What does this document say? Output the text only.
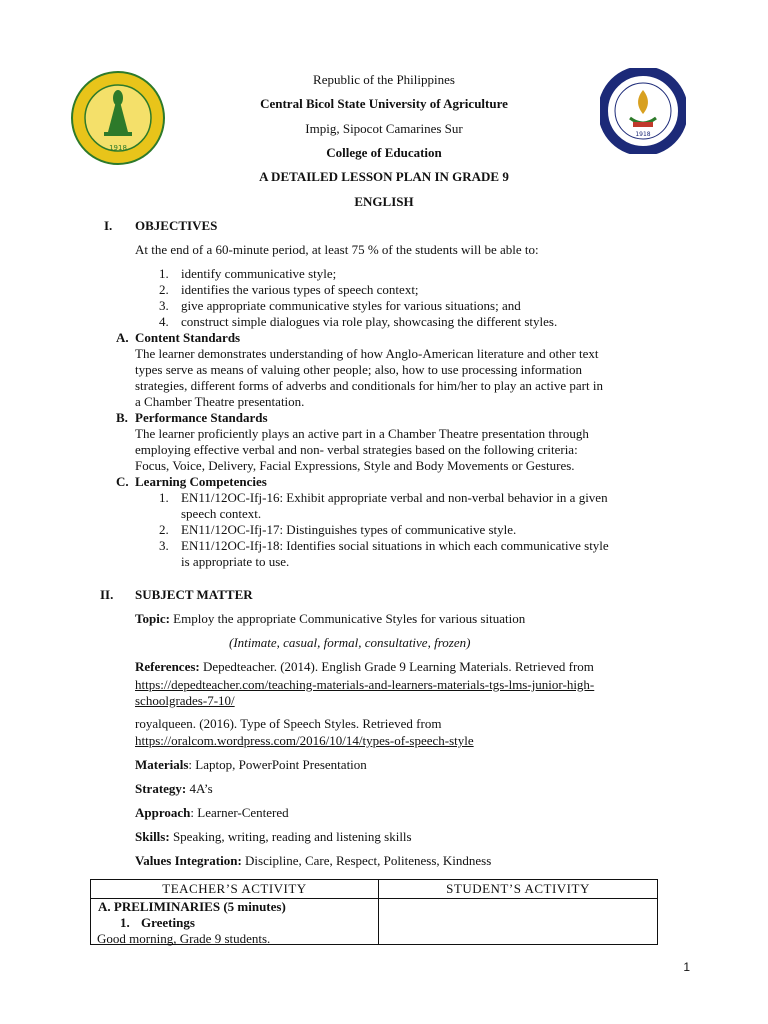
1918
1918
Republic of the Philippines
Central Bicol State University of Agriculture
Impig, Sipocot Camarines Sur
College of Education
A DETAILED LESSON PLAN IN GRADE 9
ENGLISH
I. OBJECTIVES
At the end of a 60-minute period, at least 75 % of the students will be able to:
1. identify communicative style;
2. identifies the various types of speech context;
3. give appropriate communicative styles for various situations; and
4. construct simple dialogues via role play, showcasing the different styles.
A. Content Standards
The learner demonstrates understanding of how Anglo-American literature and other text
types serve as means of valuing other people; also, how to use processing information
strategies, different forms of adverbs and conditionals for him/her to play an active part in
a Chamber Theatre presentation.
B. Performance Standards
The learner proficiently plays an active part in a Chamber Theatre presentation through
employing effective verbal and non- verbal strategies based on the following criteria:
Focus, Voice, Delivery, Facial Expressions, Style and Body Movements or Gestures.
C. Learning Competencies
1. EN11/12OC-Ifj-16: Exhibit appropriate verbal and non-verbal behavior in a given
speech context.
2. EN11/12OC-Ifj-17: Distinguishes types of communicative style.
3. EN11/12OC-Ifj-18: Identifies social situations in which each communicative style
is appropriate to use.
II. SUBJECT MATTER
Topic: Employ the appropriate Communicative Styles for various situation
(Intimate, casual, formal, consultative, frozen)
References: Depedteacher. (2014). English Grade 9 Learning Materials. Retrieved from
https://depedteacher.com/teaching-materials-and-learners-materials-tgs-lms-junior-high-
schoolgrades-7-10/
royalqueen. (2016). Type of Speech Styles. Retrieved from
https://oralcom.wordpress.com/2016/10/14/types-of-speech-style
Materials: Laptop, PowerPoint Presentation
Strategy: 4A’s
Approach: Learner-Centered
Skills: Speaking, writing, reading and listening skills
Values Integration: Discipline, Care, Respect, Politeness, Kindness
TEACHER’S ACTIVITY	STUDENT’S ACTIVITY
A. PRELIMINARIES (5 minutes)
1. Greetings
Good morning, Grade 9 students.
1
